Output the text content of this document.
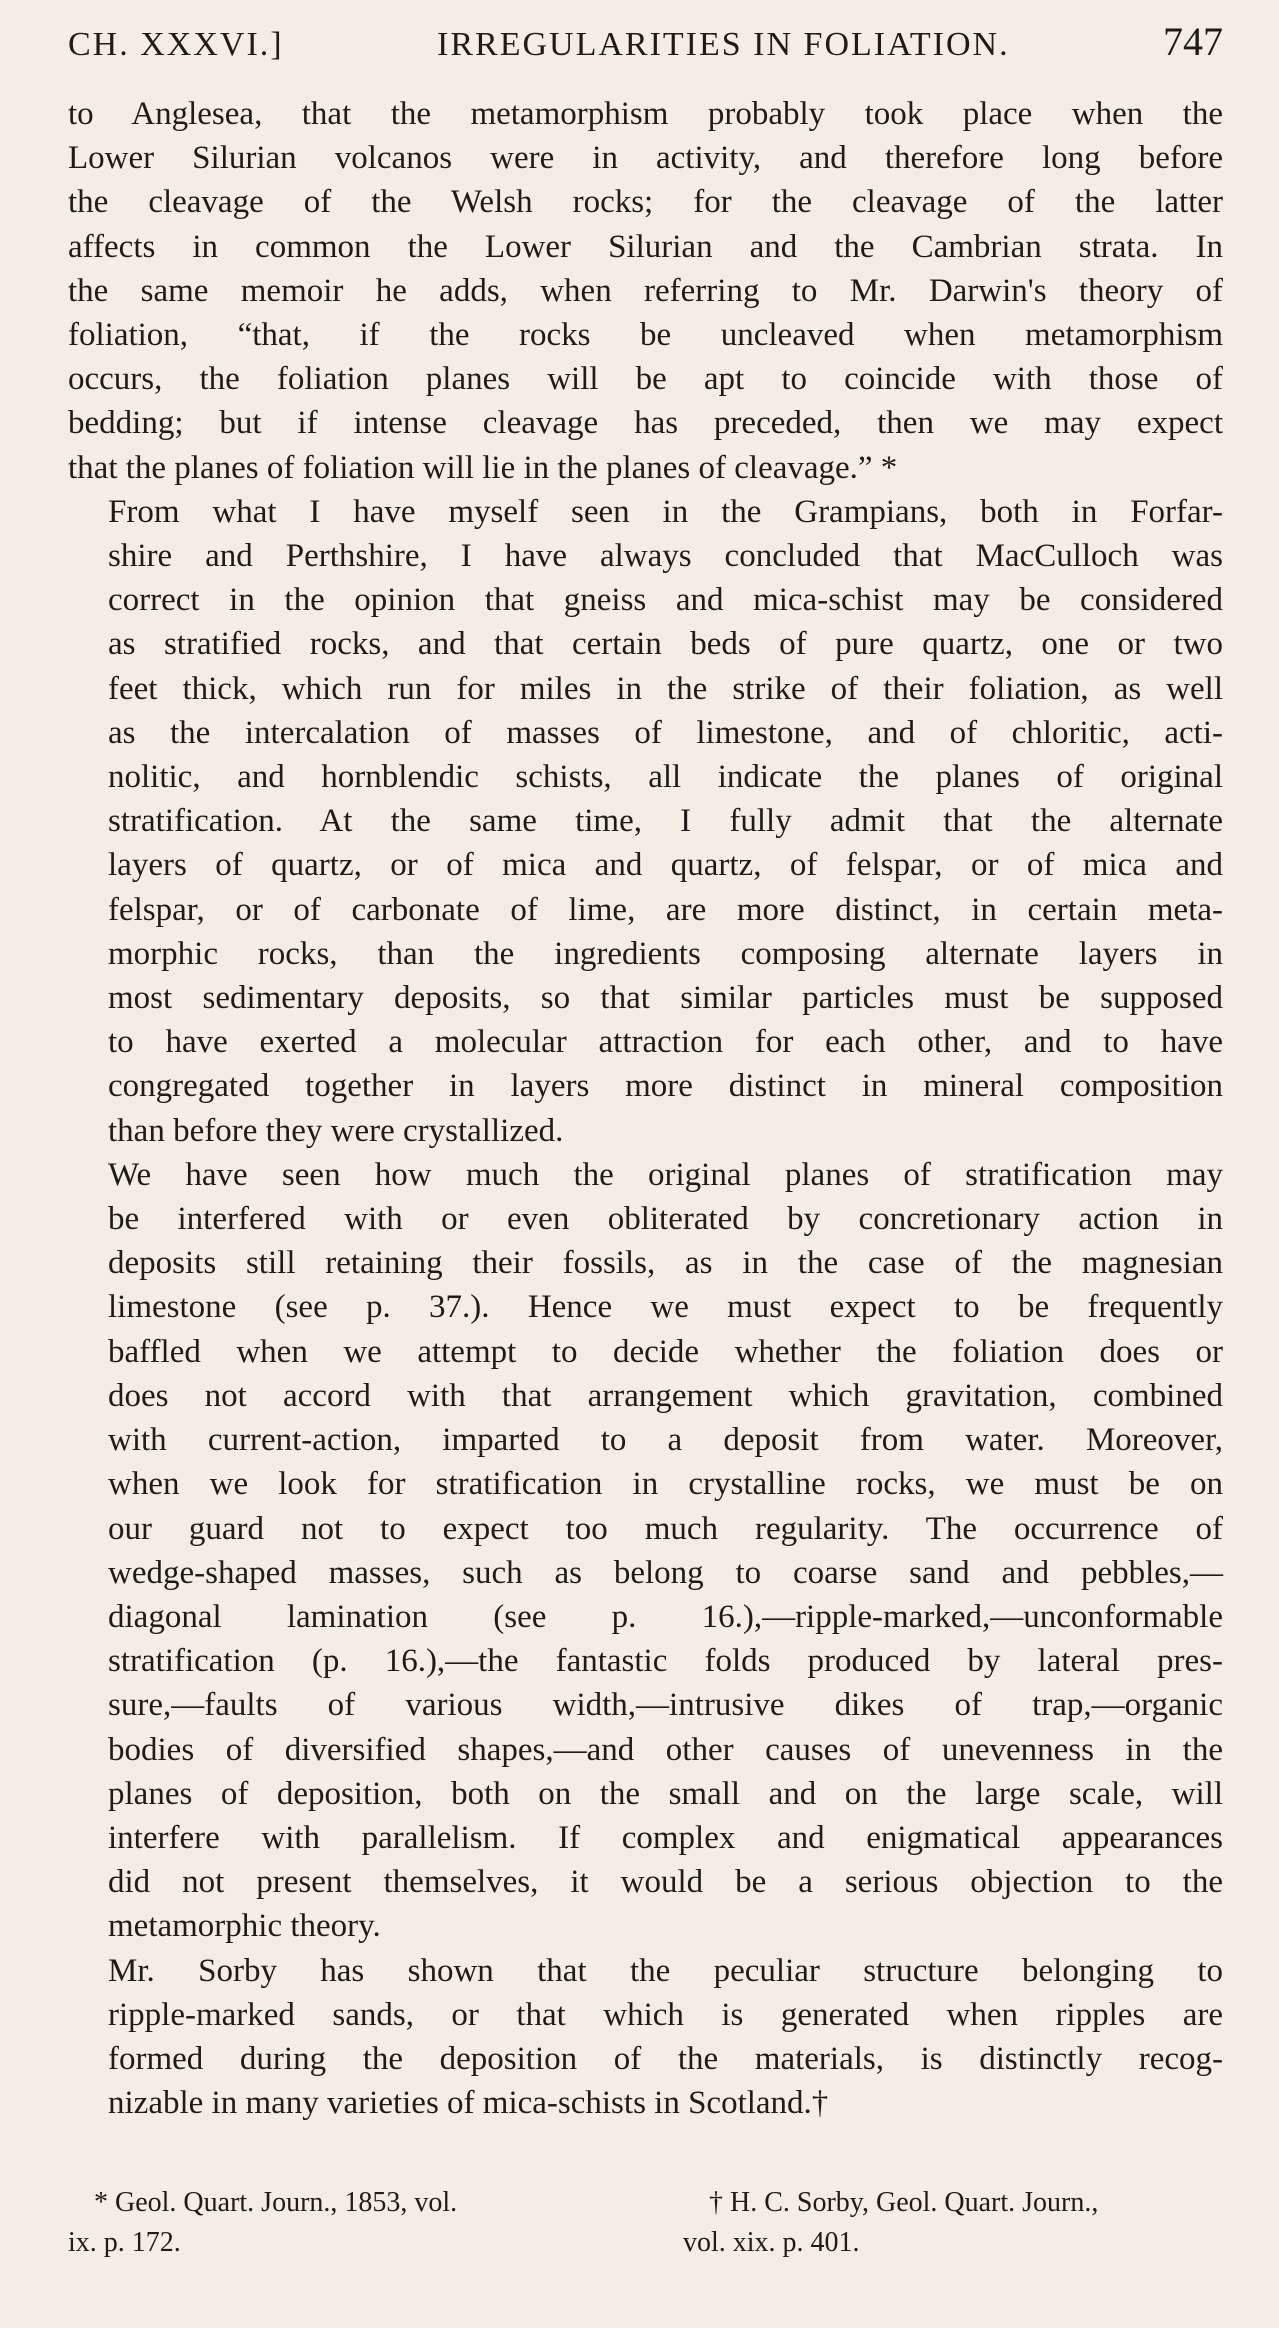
CH. XXXVI.]	IRREGULARITIES IN FOLIATION.	747

to Anglesea, that the metamorphism probably took place when the
Lower Silurian volcanos were in activity, and therefore long before
the cleavage of the Welsh rocks; for the cleavage of the latter
affects in common the Lower Silurian and the Cambrian strata. In
the same memoir he adds, when referring to Mr. Darwin's theory of
foliation, “that, if the rocks be uncleaved when metamorphism
occurs, the foliation planes will be apt to coincide with those of
bedding; but if intense cleavage has preceded, then we may expect
that the planes of foliation will lie in the planes of cleavage.” *

From what I have myself seen in the Grampians, both in Forfar-
shire and Perthshire, I have always concluded that MacCulloch was
correct in the opinion that gneiss and mica-schist may be considered
as stratified rocks, and that certain beds of pure quartz, one or two
feet thick, which run for miles in the strike of their foliation, as well
as the intercalation of masses of limestone, and of chloritic, acti-
nolitic, and hornblendic schists, all indicate the planes of original
stratification. At the same time, I fully admit that the alternate
layers of quartz, or of mica and quartz, of felspar, or of mica and
felspar, or of carbonate of lime, are more distinct, in certain meta-
morphic rocks, than the ingredients composing alternate layers in
most sedimentary deposits, so that similar particles must be supposed
to have exerted a molecular attraction for each other, and to have
congregated together in layers more distinct in mineral composition
than before they were crystallized.

We have seen how much the original planes of stratification may
be interfered with or even obliterated by concretionary action in
deposits still retaining their fossils, as in the case of the magnesian
limestone (see p. 37.). Hence we must expect to be frequently
baffled when we attempt to decide whether the foliation does or
does not accord with that arrangement which gravitation, combined
with current-action, imparted to a deposit from water. Moreover,
when we look for stratification in crystalline rocks, we must be on
our guard not to expect too much regularity. The occurrence of
wedge-shaped masses, such as belong to coarse sand and pebbles,—
diagonal lamination (see p. 16.),—ripple-marked,—unconformable
stratification (p. 16.),—the fantastic folds produced by lateral pres-
sure,—faults of various width,—intrusive dikes of trap,—organic
bodies of diversified shapes,—and other causes of unevenness in the
planes of deposition, both on the small and on the large scale, will
interfere with parallelism. If complex and enigmatical appearances
did not present themselves, it would be a serious objection to the
metamorphic theory.

Mr. Sorby has shown that the peculiar structure belonging to
ripple-marked sands, or that which is generated when ripples are
formed during the deposition of the materials, is distinctly recog-
nizable in many varieties of mica-schists in Scotland.†

* Geol. Quart. Journ., 1853, vol.
ix. p. 172.
† H. C. Sorby, Geol. Quart. Journ.,
vol. xix. p. 401.
